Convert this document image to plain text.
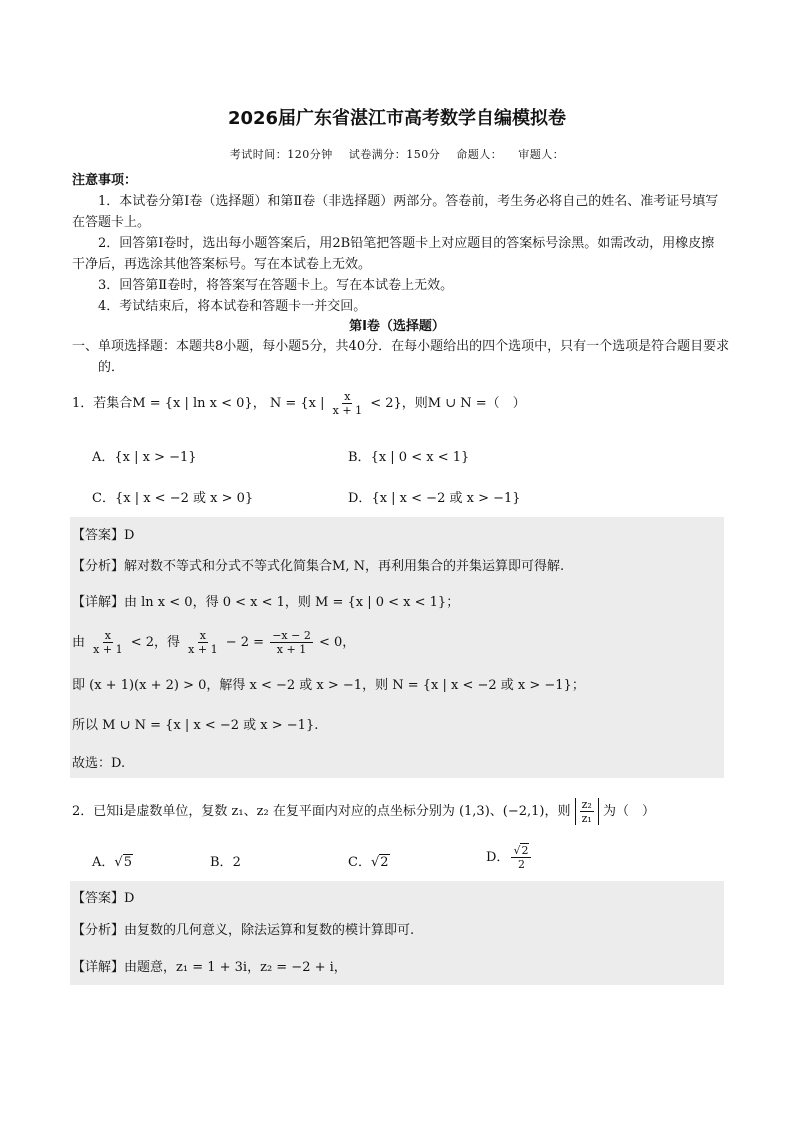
2026届广东省湛江市高考数学自编模拟卷
考试时间：120分钟 试卷满分：150分 命题人： 审题人：
注意事项：
1．本试卷分第Ⅰ卷（选择题）和第Ⅱ卷（非选择题）两部分。答卷前，考生务必将自己的姓名、准考证号填写在答题卡上。
2．回答第Ⅰ卷时，选出每小题答案后，用2B铅笔把答题卡上对应题目的答案标号涂黑。如需改动，用橡皮擦干净后，再选涂其他答案标号。写在本试卷上无效。
3．回答第Ⅱ卷时，将答案写在答题卡上。写在本试卷上无效。
4．考试结束后，将本试卷和答题卡一并交回。
第Ⅰ卷（选择题）
一、单项选择题：本题共8小题，每小题5分，共40分．在每小题给出的四个选项中，只有一个选项是符合题目要求的．
1．若集合M = {x | ln x < 0}， N = {x | $\frac{x}{x + 1} < 2$}，则M ∪ N =（　）
A．{x | x > −1}	B．{x | 0 < x < 1}
C．{x | x < −2 或 x > 0}	D．{x | x < −2 或 x > −1}
【答案】D
【分析】解对数不等式和分式不等式化简集合M, N，再利用集合的并集运算即可得解.
【详解】由 ln x < 0，得 0 < x < 1，则 M = {x | 0 < x < 1}；
由 $\frac{x}{x + 1} < 2$，得 $\frac{x}{x + 1} - 2 = \frac{-x - 2}{x + 1} < 0$，
即 (x + 1)(x + 2) > 0，解得 x < −2 或 x > −1，则 N = {x | x < −2 或 x > −1}；
所以 M ∪ N = {x | x < −2 或 x > −1}.
故选：D.
2．已知i是虚数单位，复数 z₁、z₂ 在复平面内对应的点坐标分别为 (1,3)、(−2,1)，则 $\frac{\text{z₂}}{\text{z₁}}$ 为（　）
A．√5	B．2	C．√2	D． $\frac{√2}{2}$
【答案】D
【分析】由复数的几何意义，除法运算和复数的模计算即可.
【详解】由题意，z₁ = 1 + 3i，z₂ = −2 + i，
